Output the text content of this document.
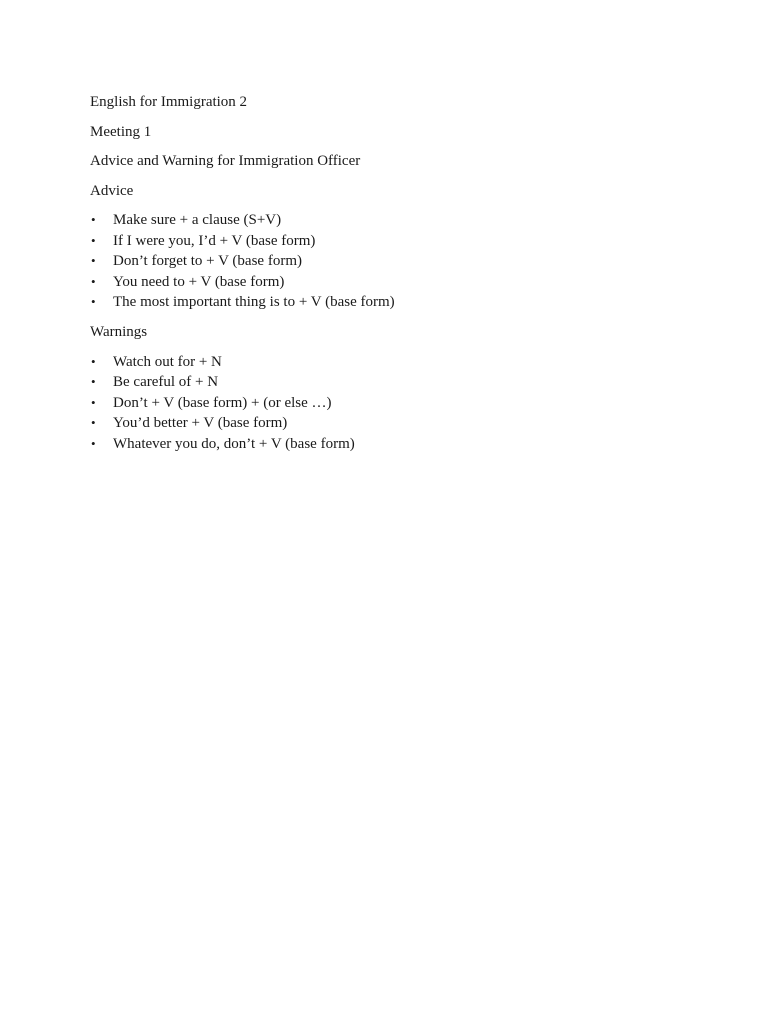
English for Immigration 2

Meeting 1

Advice and Warning for Immigration Officer

Advice

• Make sure + a clause (S+V)
• If I were you, I’d + V (base form)
• Don’t forget to + V (base form)
• You need to + V (base form)
• The most important thing is to + V (base form)

Warnings

• Watch out for + N
• Be careful of + N
• Don’t + V (base form) + (or else …)
• You’d better + V (base form)
• Whatever you do, don’t + V (base form)
